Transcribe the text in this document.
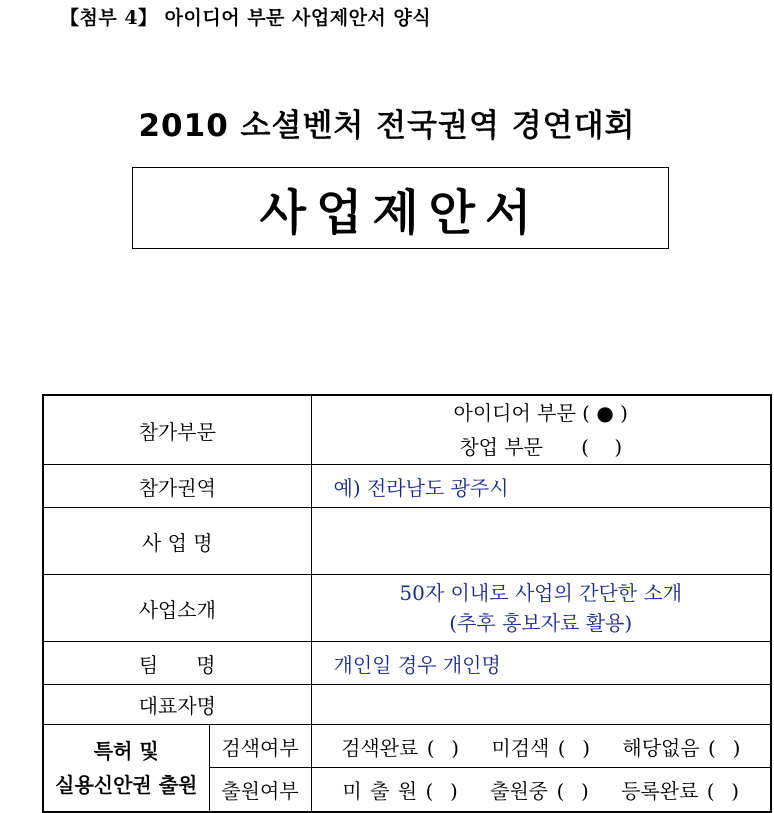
【첨부 4】 아이디어 부문 사업제안서 양식
2010 소셜벤처 전국권역 경연대회
사업제안서
참가부문		아이디어 부문 ( ● )
창업 부문      (    )

참가권역		예) 전라남도 광주시
사 업 명		
사업소개		50자 이내로 사업의 간단한 소개
(추후 홍보자료 활용)

팀      명		개인일 경우 개인명
대표자명		

특허 및
실용신안권 출원	검색여부	검색완료 (  ) 미검색 (  ) 해당없음 (  )
	출원여부	미 출 원 (  ) 출원중 (  ) 등록완료 (  )
